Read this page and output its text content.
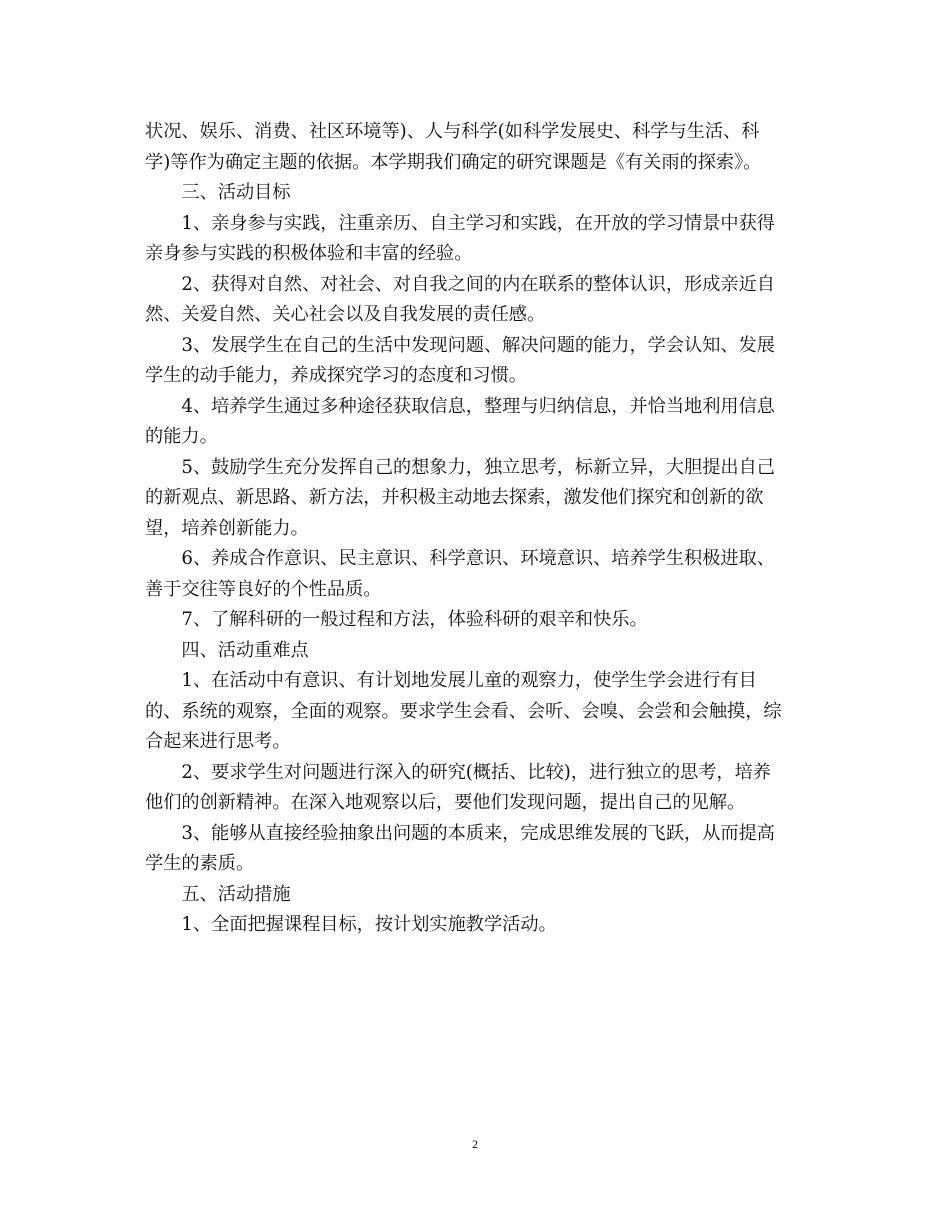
状况、娱乐、消费、社区环境等)、人与科学(如科学发展史、科学与生活、科
学)等作为确定主题的依据。本学期我们确定的研究课题是《有关雨的探索》。
三、活动目标
1、亲身参与实践，注重亲历、自主学习和实践，在开放的学习情景中获得
亲身参与实践的积极体验和丰富的经验。
2、获得对自然、对社会、对自我之间的内在联系的整体认识，形成亲近自
然、关爱自然、关心社会以及自我发展的责任感。
3、发展学生在自己的生活中发现问题、解决问题的能力，学会认知、发展
学生的动手能力，养成探究学习的态度和习惯。
4、培养学生通过多种途径获取信息，整理与归纳信息，并恰当地利用信息
的能力。
5、鼓励学生充分发挥自己的想象力，独立思考，标新立异，大胆提出自己
的新观点、新思路、新方法，并积极主动地去探索，激发他们探究和创新的欲
望，培养创新能力。
6、养成合作意识、民主意识、科学意识、环境意识、培养学生积极进取、
善于交往等良好的个性品质。
7、了解科研的一般过程和方法，体验科研的艰辛和快乐。
四、活动重难点
1、在活动中有意识、有计划地发展儿童的观察力，使学生学会进行有目
的、系统的观察，全面的观察。要求学生会看、会听、会嗅、会尝和会触摸，综
合起来进行思考。
2、要求学生对问题进行深入的研究(概括、比较)，进行独立的思考，培养
他们的创新精神。在深入地观察以后，要他们发现问题，提出自己的见解。
3、能够从直接经验抽象出问题的本质来，完成思维发展的飞跃，从而提高
学生的素质。
五、活动措施
1、全面把握课程目标，按计划实施教学活动。
2
